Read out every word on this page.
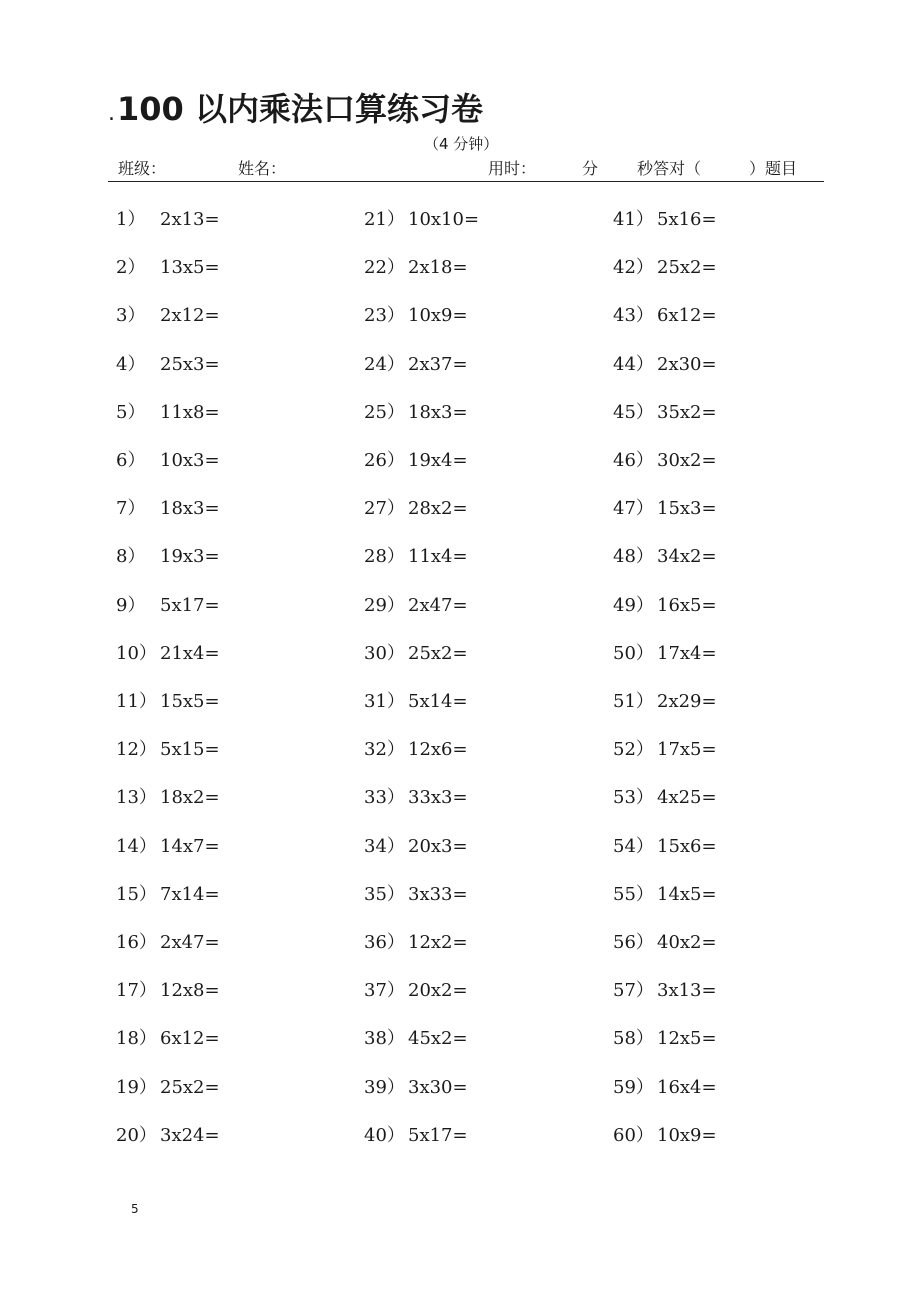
.100 以内乘法口算练习卷
（4 分钟）
班级：	姓名：	用时：	分 秒答对（　　　）题目
1） 2x13=
2） 13x5=
3） 2x12=
4） 25x3=
5） 11x8=
6） 10x3=
7） 18x3=
8） 19x3=
9） 5x17=
10） 21x4=
11） 15x5=
12） 5x15=
13） 18x2=
14） 14x7=
15） 7x14=
16） 2x47=
17） 12x8=
18） 6x12=
19） 25x2=
20） 3x24=
21） 10x10=
22） 2x18=
23） 10x9=
24） 2x37=
25） 18x3=
26） 19x4=
27） 28x2=
28） 11x4=
29） 2x47=
30） 25x2=
31） 5x14=
32） 12x6=
33） 33x3=
34） 20x3=
35） 3x33=
36） 12x2=
37） 20x2=
38） 45x2=
39） 3x30=
40） 5x17=
41） 5x16=
42） 25x2=
43） 6x12=
44） 2x30=
45） 35x2=
46） 30x2=
47） 15x3=
48） 34x2=
49） 16x5=
50） 17x4=
51） 2x29=
52） 17x5=
53） 4x25=
54） 15x6=
55） 14x5=
56） 40x2=
57） 3x13=
58） 12x5=
59） 16x4=
60） 10x9=
5
